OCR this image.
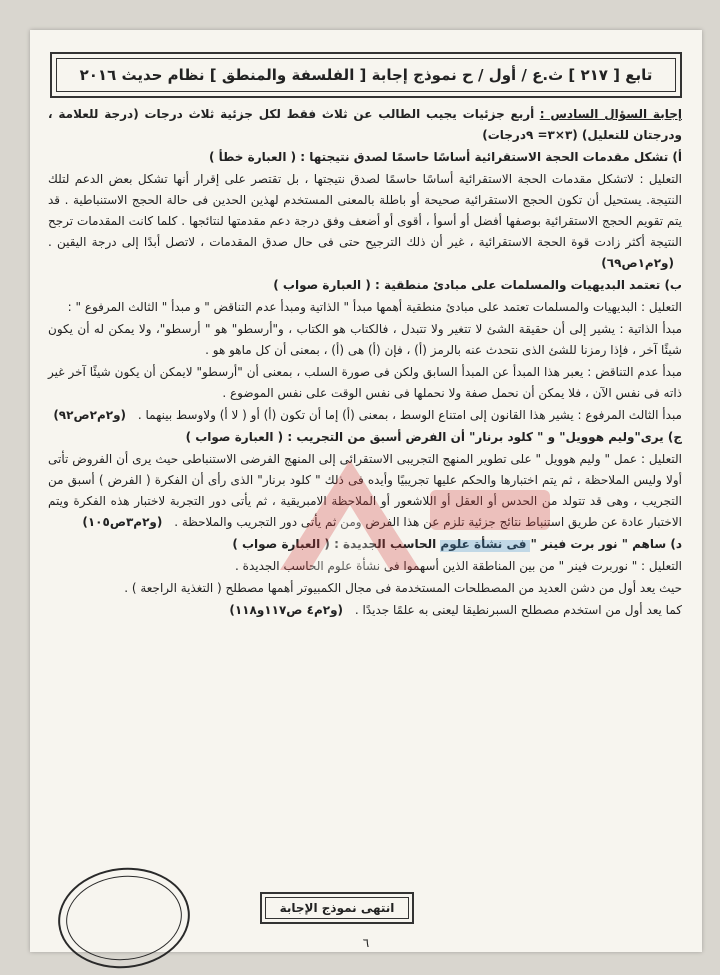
تابع [ ٢١٧ ] ث.ع / أول / ح نموذج إجابة [ الفلسفة والمنطق ] نظام حديث ٢٠١٦

إجابة السؤال السادس : أربع جزئيات يجيب الطالب عن ثلاث فقط لكل جزئية ثلاث درجات (درجة للعلامة ، ودرجتان للتعليل) (٣×٣= ٩درجات)

أ) تشكل مقدمات الحجة الاستقرائية أساسًا حاسمًا لصدق نتيجتها : ( العبارة خطأ )

التعليل : لاتشكل مقدمات الحجة الاستقرائية أساسًا حاسمًا لصدق نتيجتها ، بل تقتصر على إقرار أنها تشكل بعض الدعم لتلك النتيجة. يستحيل أن تكون الحجج الاستقرائية صحيحة أو باطلة بالمعنى المستخدم لهذين الحدين فى حالة الحجج الاستنباطية . قد يتم تقويم الحجج الاستقرائية بوصفها أفضل أو أسوأ ، أقوى أو أضعف وفق درجة دعم مقدمتها لنتائجها . كلما كانت المقدمات ترجح النتيجة أكثر زادت قوة الحجة الاستقرائية ، غير أن ذلك الترجيح حتى فى حال صدق المقدمات ، لاتصل أبدًا إلى درجة اليقين . (و٢م١ص٦٩)

ب) تعتمد البديهيات والمسلمات على مبادئ منطقية : ( العبارة صواب )

التعليل : البديهيات والمسلمات تعتمد على مبادئ منطقية أهمها مبدأ " الذاتية ومبدأ عدم التناقض " و مبدأ " الثالث المرفوع " :

مبدأ الذاتية : يشير إلى أن حقيقة الشئ لا تتغير ولا تتبدل ، فالكتاب هو الكتاب ، و"أرسطو" هو " أرسطو"، ولا يمكن له أن يكون شيئًا آخر ، فإذا رمزنا للشئ الذى نتحدث عنه بالرمز (أ) ، فإن (أ) هى (أ) ، بمعنى أن كل ماهو هو .

مبدأ عدم التناقض : يعبر هذا المبدأ عن المبدأ السابق ولكن فى صورة السلب ، بمعنى أن "أرسطو" لايمكن أن يكون شيئًا آخر غير ذاته فى نفس الآن ، فلا يمكن أن نحمل صفة ولا نحملها فى نفس الوقت على نفس الموضوع .

مبدأ الثالث المرفوع : يشير هذا القانون إلى امتناع الوسط ، بمعنى (أ) إما أن تكون (أ) أو ( لا أ) ولاوسط بينهما . (و٢م٢ص٩٢)

ج) يرى"وليم هوويل" و " كلود برنار" أن الفرض أسبق من التجريب : ( العبارة صواب )

التعليل : عمل " وليم هوويل " على تطوير المنهج التجريبى الاستقرائى إلى المنهج الفرضى الاستنباطى حيث يرى أن الفروض تأتى أولا وليس الملاحظة ، ثم يتم اختبارها والحكم عليها تجريبيًا وأيده فى ذلك " كلود برنار" الذى رأى أن الفكرة ( الفرض ) أسبق من التجريب ، وهى قد تتولد من الحدس أو العقل أو اللاشعور أو الملاحظة الامبريقية ، ثم يأتى دور التجربة لاختبار هذه الفكرة ويتم الاختبار عادة عن طريق استنباط نتائج جزئية تلزم عن هذا الفرض ومن ثم يأتى دور التجريب والملاحظة . (و٢م٣ص١٠٥)

د) ساهم " نور برت فينر " فى نشأة علوم الحاسب الجديدة : ( العبارة صواب )

التعليل : " نوربرت فينر " من بين المناطقة الذين أسهموا فى نشأة علوم الحاسب الجديدة .

حيث يعد أول من دشن العديد من المصطلحات المستخدمة فى مجال الكمبيوتر أهمها مصطلح ( التغذية الراجعة ) .

كما يعد أول من استخدم مصطلح السبرنطيقا ليعنى به علمًا جديدًا . (و٢م٤ ص١١٧و١١٨)

انتهى نموذج الإجابة
٦
